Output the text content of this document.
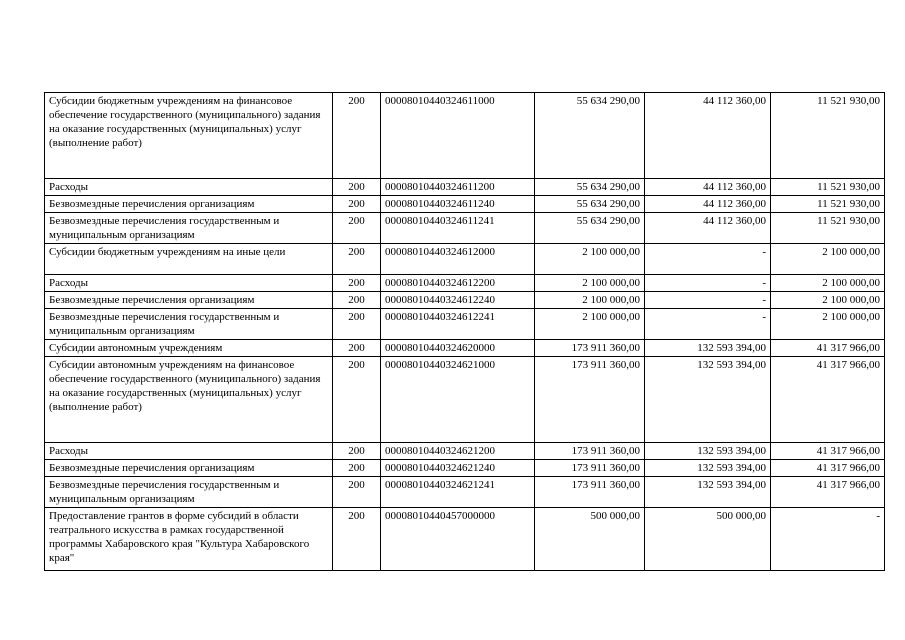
Субсидии бюджетным учреждениям на финансовое обеспечение государственного (муниципального) задания на оказание государственных (муниципальных) услуг (выполнение работ)	200	00008010440324611000	55 634 290,00	44 112 360,00	11 521 930,00
Расходы	200	00008010440324611200	55 634 290,00	44 112 360,00	11 521 930,00
Безвозмездные перечисления организациям	200	00008010440324611240	55 634 290,00	44 112 360,00	11 521 930,00
Безвозмездные перечисления государственным и муниципальным организациям	200	00008010440324611241	55 634 290,00	44 112 360,00	11 521 930,00
Субсидии бюджетным учреждениям на иные цели	200	00008010440324612000	2 100 000,00	-	2 100 000,00
Расходы	200	00008010440324612200	2 100 000,00	-	2 100 000,00
Безвозмездные перечисления организациям	200	00008010440324612240	2 100 000,00	-	2 100 000,00
Безвозмездные перечисления государственным и муниципальным организациям	200	00008010440324612241	2 100 000,00	-	2 100 000,00
Субсидии автономным учреждениям	200	00008010440324620000	173 911 360,00	132 593 394,00	41 317 966,00
Субсидии автономным учреждениям на финансовое обеспечение государственного (муниципального) задания на оказание государственных (муниципальных) услуг (выполнение работ)	200	00008010440324621000	173 911 360,00	132 593 394,00	41 317 966,00
Расходы	200	00008010440324621200	173 911 360,00	132 593 394,00	41 317 966,00
Безвозмездные перечисления организациям	200	00008010440324621240	173 911 360,00	132 593 394,00	41 317 966,00
Безвозмездные перечисления государственным и муниципальным организациям	200	00008010440324621241	173 911 360,00	132 593 394,00	41 317 966,00
Предоставление грантов в форме субсидий в области театрального искусства в рамках государственной программы Хабаровского края "Культура Хабаровского края"	200	00008010440457000000	500 000,00	500 000,00	-
